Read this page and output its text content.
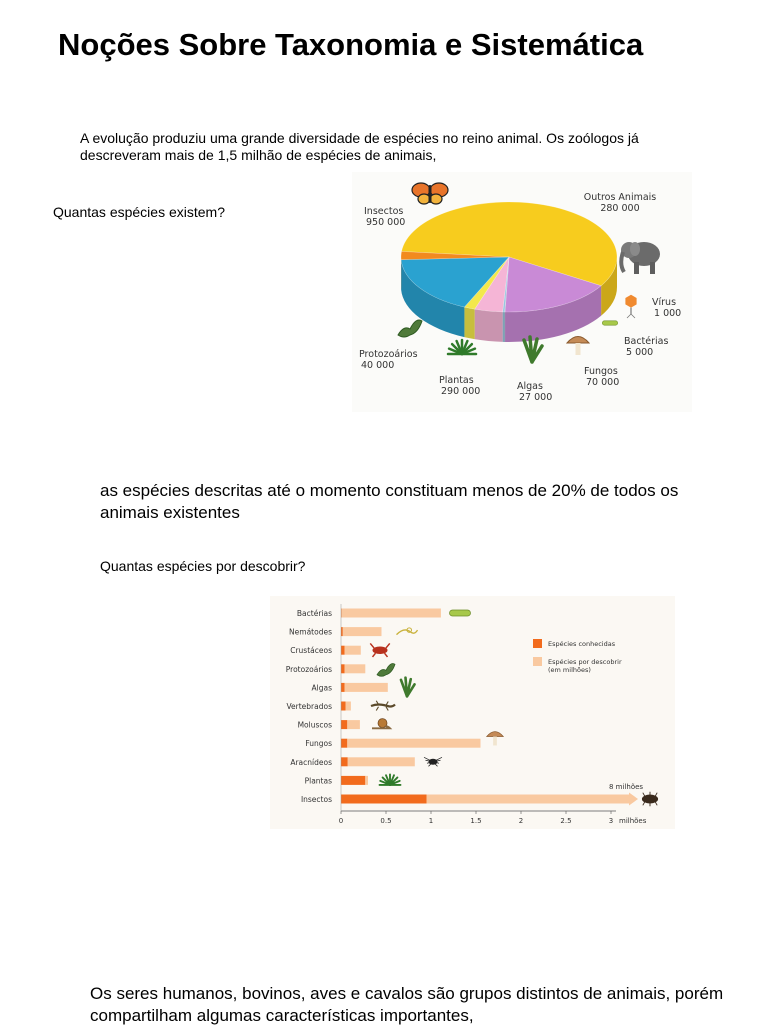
Noções Sobre Taxonomia e Sistemática
A evolução produziu uma grande diversidade de espécies no reino animal. Os zoólogos já descreveram mais de 1,5 milhão de espécies de animais,
Quantas espécies existem?	Insectos 950 000
Outros Animais 280 000
Vírus 1 000
Bactérias 5 000
Fungos 70 000
Algas 27 000
Plantas 290 000
Protozoários 40 000
as espécies descritas até o momento constituam menos de 20% de todos os animais existentes
Quantas espécies por descobrir?
Bactérias
Nemátodes
Crustáceos
Protozoários
Algas
Vertebrados
Moluscos
Fungos
Aracnídeos
Plantas
Insectos
8 milhões
0	0.5	1	1.5	2	2.5	3 milhões
Espécies conhecidas
Espécies por descobrir (em milhões)
Os seres humanos, bovinos, aves e cavalos são grupos distintos de animais, porém compartilham algumas características importantes,
